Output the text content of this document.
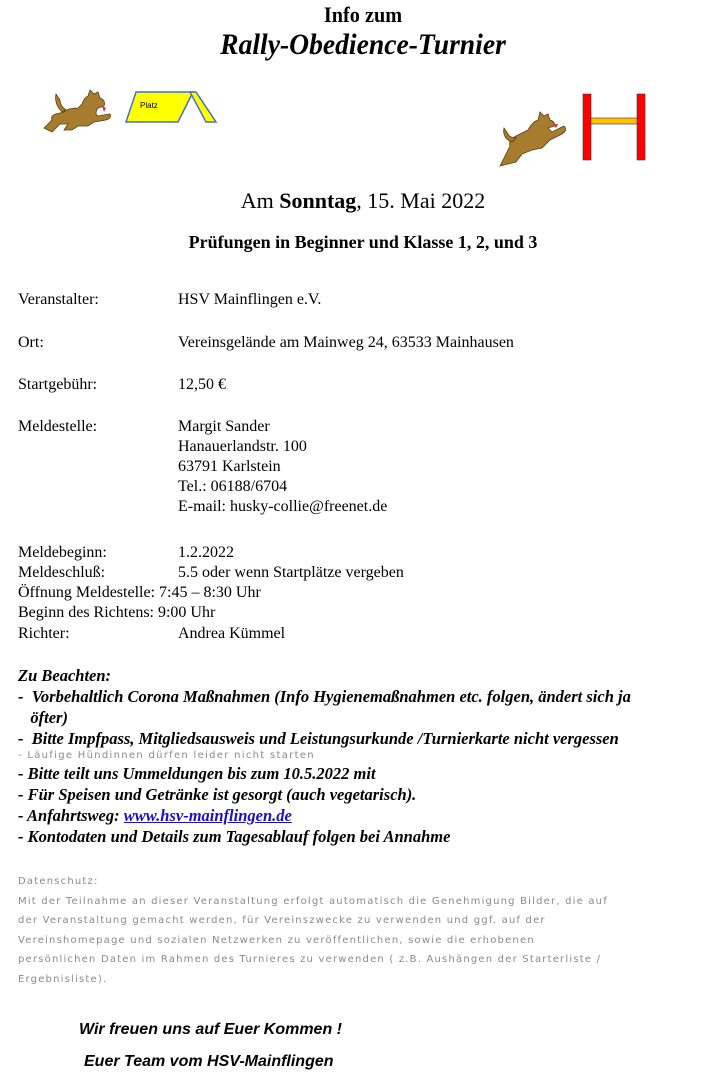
Info zum
Rally-Obedience-Turnier
Platz
Am Sonntag, 15. Mai 2022
Prüfungen in Beginner und Klasse 1, 2, und 3
Veranstalter:	HSV Mainflingen e.V.
Ort:	Vereinsgelände am Mainweg 24, 63533 Mainhausen
Startgebühr:	12,50 €
Meldestelle:	Margit Sander
Hanauerlandstr. 100
63791 Karlstein
Tel.: 06188/6704
E-mail: husky-collie@freenet.de
Meldebeginn:	1.2.2022
Meldeschluß:	5.5 oder wenn Startplätze vergeben
Öffnung Meldestelle: 7:45 – 8:30 Uhr
Beginn des Richtens: 9:00 Uhr
Richter:	Andrea Kümmel
Zu Beachten:
-  Vorbehaltlich Corona Maßnahmen (Info Hygienemaßnahmen etc. folgen, ändert sich ja
öfter)
-  Bitte Impfpass, Mitgliedsausweis und Leistungsurkunde /Turnierkarte nicht vergessen
- Läufige Hündinnen dürfen leider nicht starten
- Bitte teilt uns Ummeldungen bis zum 10.5.2022 mit
- Für Speisen und Getränke ist gesorgt (auch vegetarisch).
- Anfahrtsweg: www.hsv-mainflingen.de
- Kontodaten und Details zum Tagesablauf folgen bei Annahme
Datenschutz:
Mit der Teilnahme an dieser Veranstaltung erfolgt automatisch die Genehmigung Bilder, die auf
der Veranstaltung gemacht werden, für Vereinszwecke zu verwenden und ggf. auf der
Vereinshomepage und sozialen Netzwerken zu veröffentlichen, sowie die erhobenen
persönlichen Daten im Rahmen des Turnieres zu verwenden ( z.B. Aushängen der Starterliste /
Ergebnisliste).
Wir freuen uns auf Euer Kommen !
Euer Team vom HSV-Mainflingen
